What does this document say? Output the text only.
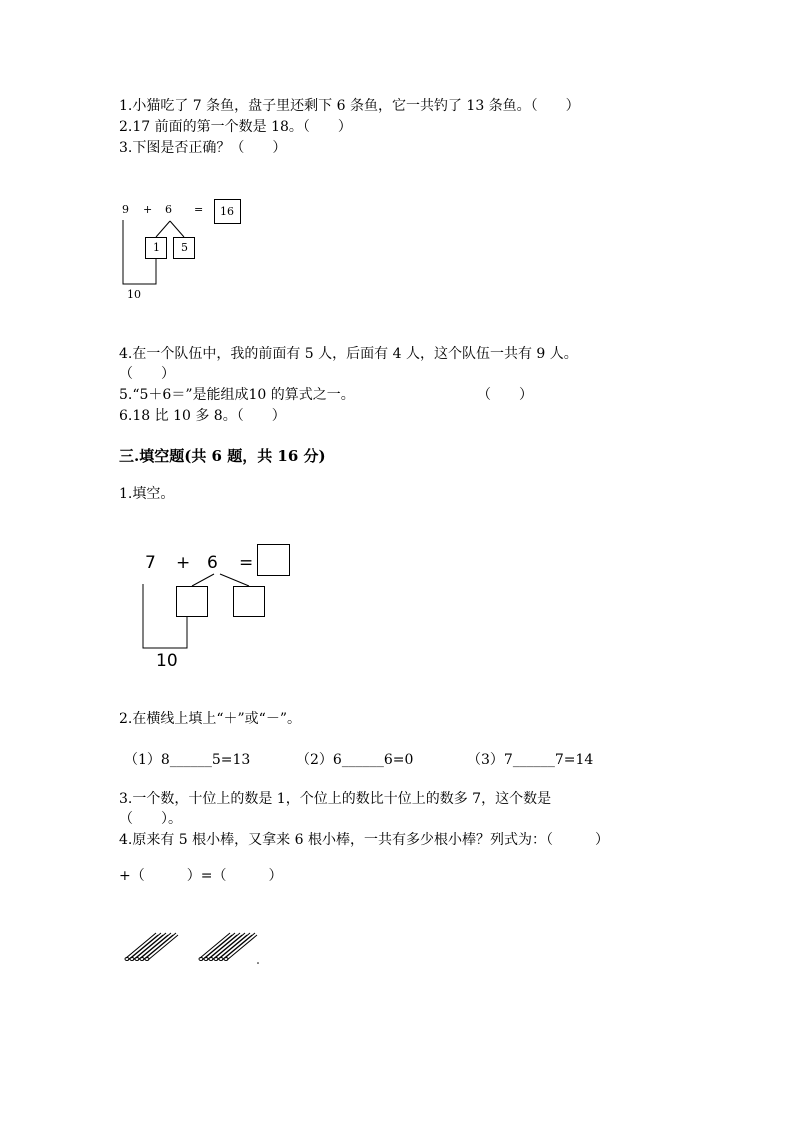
1.小猫吃了 7 条鱼，盘子里还剩下 6 条鱼，它一共钓了 13 条鱼。（　　）
2.17 前面的第一个数是 18。（　　）
3.下图是否正确？（　　）
9 + 6 = 16
1 5
10
4.在一个队伍中，我的前面有 5 人，后面有 4 人，这个队伍一共有 9 人。
（　　）
5.“5＋6＝”是能组成10 的算式之一。	（　　）
6.18 比 10 多 8。（　　）
三.填空题(共 6 题，共 16 分)
1.填空。
7 + 6 =
10
2.在横线上填上“＋”或“－”。
（1）8______5=13	（2）6______6=0	（3）7______7=14
3.一个数，十位上的数是 1，个位上的数比十位上的数多 7，这个数是
（　　）。
4.原来有 5 根小棒，又拿来 6 根小棒，一共有多少根小棒？列式为：（　　　）
+（　　　）=（　　　）
